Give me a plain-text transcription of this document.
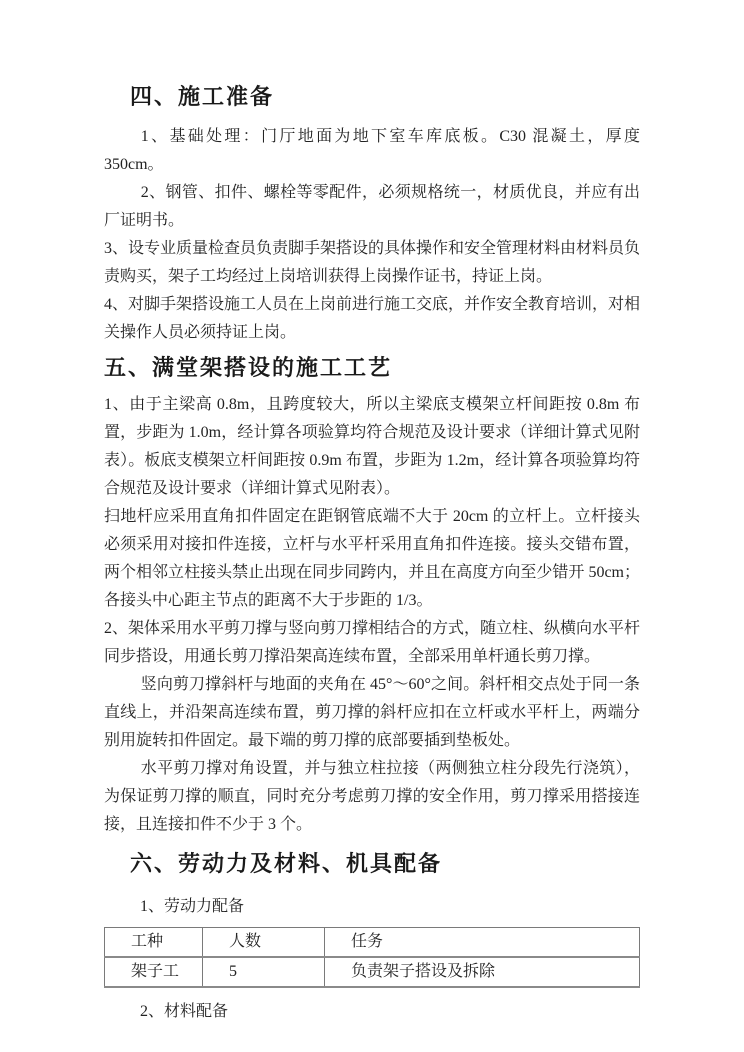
四、施工准备

1、基础处理：门厅地面为地下室车库底板。C30 混凝土，厚度 350cm。

2、钢管、扣件、螺栓等零配件，必须规格统一，材质优良，并应有出厂证明书。

3、设专业质量检查员负责脚手架搭设的具体操作和安全管理材料由材料员负责购买，架子工均经过上岗培训获得上岗操作证书，持证上岗。

4、对脚手架搭设施工人员在上岗前进行施工交底，并作安全教育培训，对相关操作人员必须持证上岗。

五、满堂架搭设的施工工艺

1、由于主梁高 0.8m，且跨度较大，所以主梁底支模架立杆间距按 0.8m 布置，步距为 1.0m，经计算各项验算均符合规范及设计要求（详细计算式见附表）。板底支模架立杆间距按 0.9m 布置，步距为 1.2m，经计算各项验算均符合规范及设计要求（详细计算式见附表）。

扫地杆应采用直角扣件固定在距钢管底端不大于 20cm 的立杆上。立杆接头必须采用对接扣件连接，立杆与水平杆采用直角扣件连接。接头交错布置，两个相邻立柱接头禁止出现在同步同跨内，并且在高度方向至少错开 50cm；各接头中心距主节点的距离不大于步距的 1/3。

2、架体采用水平剪刀撑与竖向剪刀撑相结合的方式，随立柱、纵横向水平杆同步搭设，用通长剪刀撑沿架高连续布置，全部采用单杆通长剪刀撑。

竖向剪刀撑斜杆与地面的夹角在 45°～60°之间。斜杆相交点处于同一条直线上，并沿架高连续布置，剪刀撑的斜杆应扣在立杆或水平杆上，两端分别用旋转扣件固定。最下端的剪刀撑的底部要插到垫板处。

水平剪刀撑对角设置，并与独立柱拉接（两侧独立柱分段先行浇筑），为保证剪刀撑的顺直，同时充分考虑剪刀撑的安全作用，剪刀撑采用搭接连接，且连接扣件不少于 3 个。

六、劳动力及材料、机具配备

1、劳动力配备

工种	人数	任务
架子工	5	负责架子搭设及拆除

2、材料配备
